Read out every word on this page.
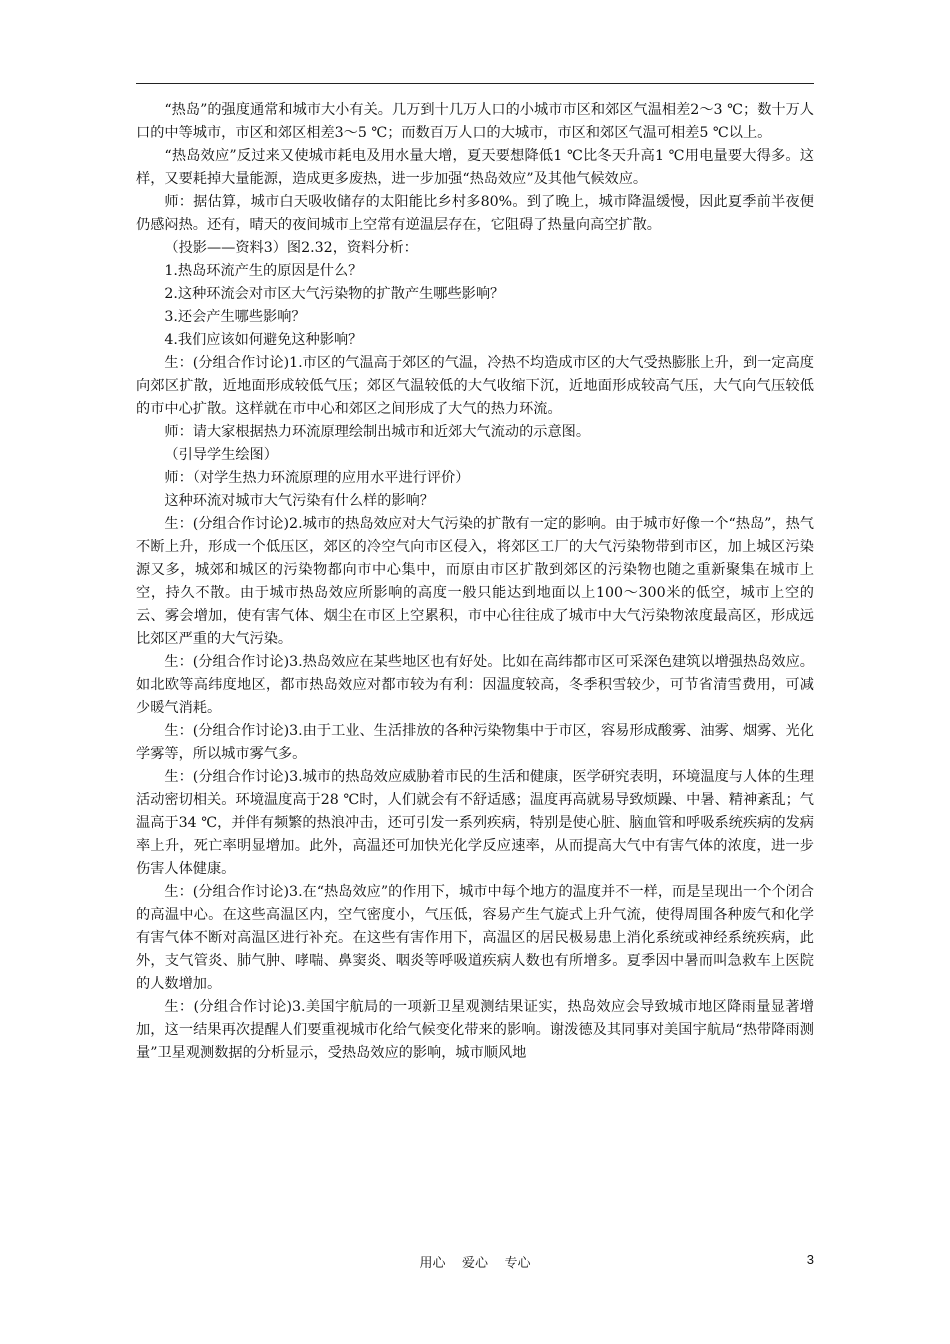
“热岛”的强度通常和城市大小有关。几万到十几万人口的小城市市区和郊区气温相差2～3 ℃；数十万人口的中等城市，市区和郊区相差3～5 ℃；而数百万人口的大城市，市区和郊区气温可相差5 ℃以上。

“热岛效应”反过来又使城市耗电及用水量大增，夏天要想降低1 ℃比冬天升高1 ℃用电量要大得多。这样，又要耗掉大量能源，造成更多废热，进一步加强“热岛效应”及其他气候效应。

师：据估算，城市白天吸收储存的太阳能比乡村多80%。到了晚上，城市降温缓慢，因此夏季前半夜便仍感闷热。还有，晴天的夜间城市上空常有逆温层存在，它阻碍了热量向高空扩散。

（投影——资料3）图2.32，资料分析：

1.热岛环流产生的原因是什么？

2.这种环流会对市区大气污染物的扩散产生哪些影响？

3.还会产生哪些影响？

4.我们应该如何避免这种影响？

生：(分组合作讨论)1.市区的气温高于郊区的气温，冷热不均造成市区的大气受热膨胀上升，到一定高度向郊区扩散，近地面形成较低气压；郊区气温较低的大气收缩下沉，近地面形成较高气压，大气向气压较低的市中心扩散。这样就在市中心和郊区之间形成了大气的热力环流。

师：请大家根据热力环流原理绘制出城市和近郊大气流动的示意图。

（引导学生绘图）

师：（对学生热力环流原理的应用水平进行评价）

这种环流对城市大气污染有什么样的影响？

生：(分组合作讨论)2.城市的热岛效应对大气污染的扩散有一定的影响。由于城市好像一个“热岛”，热气不断上升，形成一个低压区，郊区的冷空气向市区侵入，将郊区工厂的大气污染物带到市区，加上城区污染源又多，城郊和城区的污染物都向市中心集中，而原由市区扩散到郊区的污染物也随之重新聚集在城市上空，持久不散。由于城市热岛效应所影响的高度一般只能达到地面以上100～300米的低空，城市上空的云、雾会增加，使有害气体、烟尘在市区上空累积，市中心往往成了城市中大气污染物浓度最高区，形成远比郊区严重的大气污染。

生：(分组合作讨论)3.热岛效应在某些地区也有好处。比如在高纬都市区可采深色建筑以增强热岛效应。如北欧等高纬度地区，都市热岛效应对都市较为有利：因温度较高，冬季积雪较少，可节省清雪费用，可减少暖气消耗。

生：(分组合作讨论)3.由于工业、生活排放的各种污染物集中于市区，容易形成酸雾、油雾、烟雾、光化学雾等，所以城市雾气多。

生：(分组合作讨论)3.城市的热岛效应威胁着市民的生活和健康，医学研究表明，环境温度与人体的生理活动密切相关。环境温度高于28 ℃时，人们就会有不舒适感；温度再高就易导致烦躁、中暑、精神紊乱；气温高于34 ℃，并伴有频繁的热浪冲击，还可引发一系列疾病，特别是使心脏、脑血管和呼吸系统疾病的发病率上升，死亡率明显增加。此外，高温还可加快光化学反应速率，从而提高大气中有害气体的浓度，进一步伤害人体健康。

生：(分组合作讨论)3.在“热岛效应”的作用下，城市中每个地方的温度并不一样，而是呈现出一个个闭合的高温中心。在这些高温区内，空气密度小，气压低，容易产生气旋式上升气流，使得周围各种废气和化学有害气体不断对高温区进行补充。在这些有害作用下，高温区的居民极易患上消化系统或神经系统疾病，此外，支气管炎、肺气肿、哮喘、鼻窦炎、咽炎等呼吸道疾病人数也有所增多。夏季因中暑而叫急救车上医院的人数增加。

生：(分组合作讨论)3.美国宇航局的一项新卫星观测结果证实，热岛效应会导致城市地区降雨量显著增加，这一结果再次提醒人们要重视城市化给气候变化带来的影响。谢泼德及其同事对美国宇航局“热带降雨测量”卫星观测数据的分析显示，受热岛效应的影响，城市顺风地

用心    爱心    专心	3
